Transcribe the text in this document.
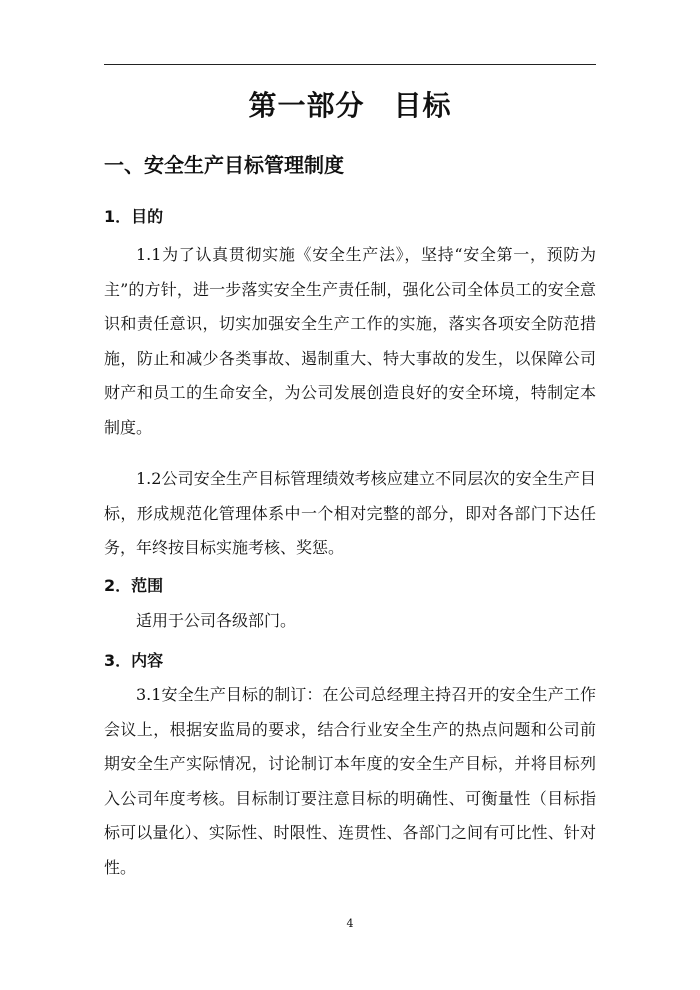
第一部分　目标
一、安全生产目标管理制度
1．目的

1.1为了认真贯彻实施《安全生产法》，坚持“安全第一，预防为主”的方针，进一步落实安全生产责任制，强化公司全体员工的安全意识和责任意识，切实加强安全生产工作的实施，落实各项安全防范措施，防止和减少各类事故、遏制重大、特大事故的发生，以保障公司财产和员工的生命安全，为公司发展创造良好的安全环境，特制定本制度。

1.2公司安全生产目标管理绩效考核应建立不同层次的安全生产目标，形成规范化管理体系中一个相对完整的部分，即对各部门下达任务，年终按目标实施考核、奖惩。

2．范围

适用于公司各级部门。

3．内容

3.1安全生产目标的制订：在公司总经理主持召开的安全生产工作会议上，根据安监局的要求，结合行业安全生产的热点问题和公司前期安全生产实际情况，讨论制订本年度的安全生产目标，并将目标列入公司年度考核。目标制订要注意目标的明确性、可衡量性（目标指标可以量化）、实际性、时限性、连贯性、各部门之间有可比性、针对性。

4
